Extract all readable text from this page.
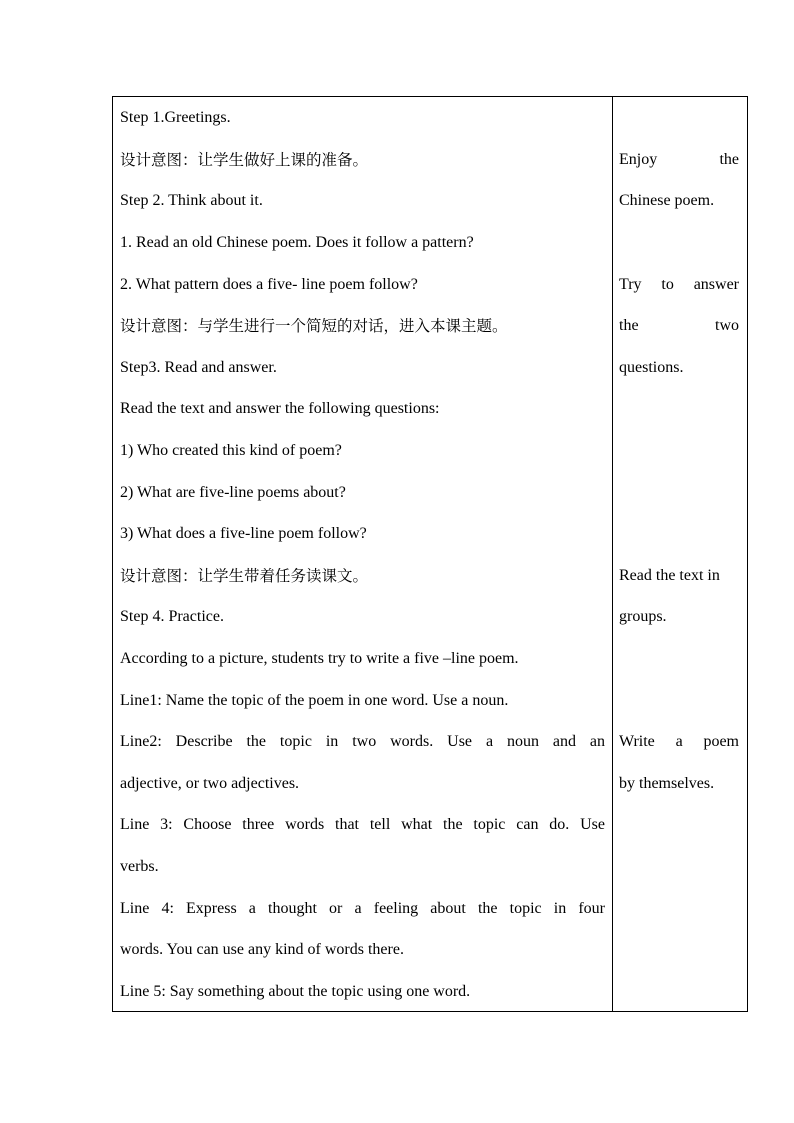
Step 1.Greetings.
设计意图：让学生做好上课的准备。
Step 2. Think about it.
1. Read an old Chinese poem. Does it follow a pattern?
2. What pattern does a five- line poem follow?
设计意图：与学生进行一个简短的对话，进入本课主题。
Step3. Read and answer.
Read the text and answer the following questions:
1) Who created this kind of poem?
2) What are five-line poems about?
3) What does a five-line poem follow?
设计意图：让学生带着任务读课文。
Step 4. Practice.
According to a picture, students try to write a five –line poem.
Line1: Name the topic of the poem in one word. Use a noun.
Line2: Describe the topic in two words. Use a noun and an
adjective, or two adjectives.
Line 3: Choose three words that tell what the topic can do. Use
verbs.
Line 4: Express a thought or a feeling about the topic in four
words. You can use any kind of words there.
Line 5: Say something about the topic using one word.
Enjoy the
Chinese poem.
Try to answer
the two
questions.
Read the text in
groups.
Write a poem
by themselves.
